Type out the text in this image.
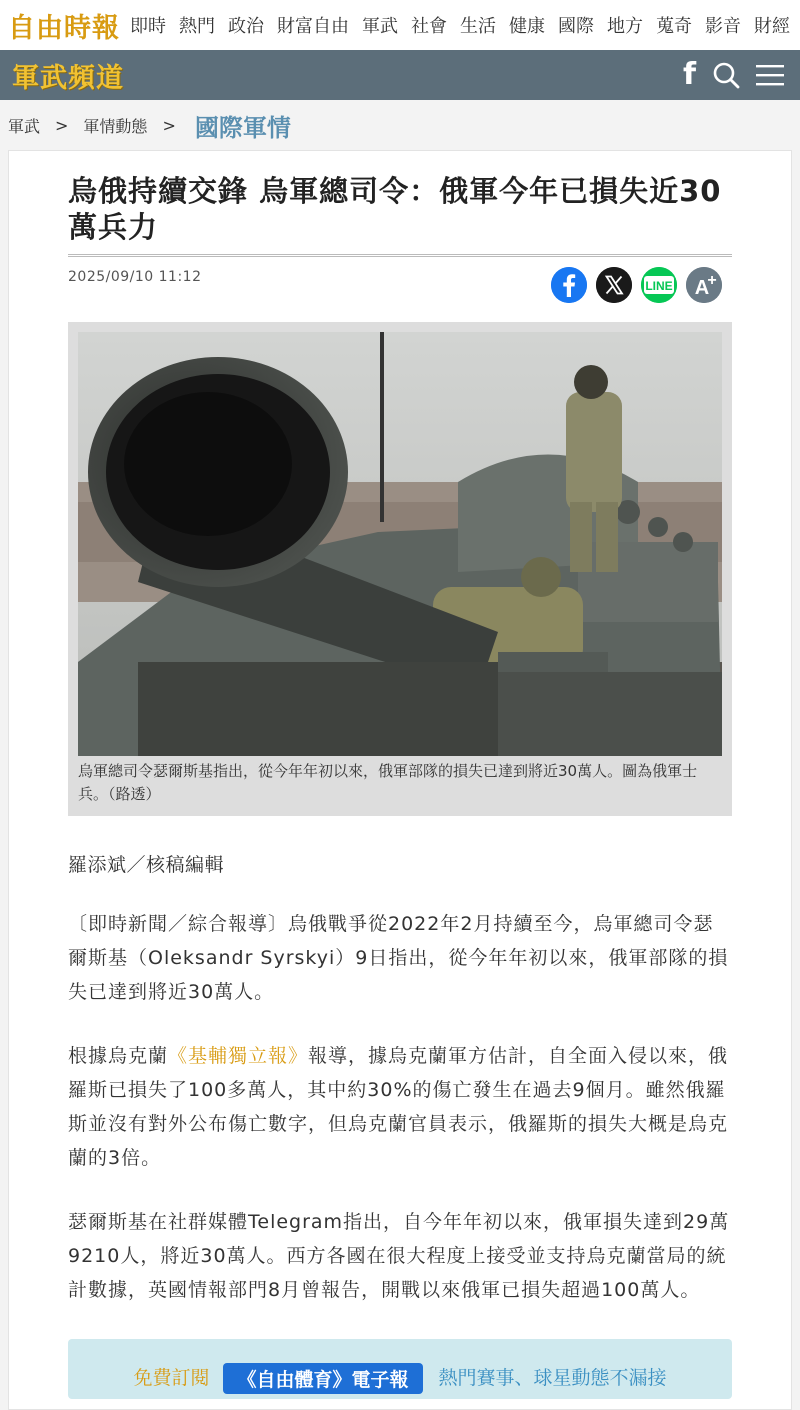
自由時報 即時 熱門 政治 財富自由 軍武 社會 生活 健康 國際 地方 蒐奇 影音 財經
軍武頻道	f
軍武 > 軍情動態 > 國際軍情
烏俄持續交鋒 烏軍總司令：俄軍今年已損失近30萬兵力
2025/09/10 11:12
LINE A
+
烏軍總司令瑟爾斯基指出，從今年年初以來，俄軍部隊的損失已達到將近30萬人。圖為俄軍士兵。（路透）

羅添斌／核稿編輯

〔即時新聞／綜合報導〕烏俄戰爭從2022年2月持續至今，烏軍總司令瑟爾斯基（Oleksandr Syrskyi）9日指出，從今年年初以來，俄軍部隊的損失已達到將近30萬人。

根據烏克蘭《基輔獨立報》報導，據烏克蘭軍方估計，自全面入侵以來，俄羅斯已損失了100多萬人，其中約30%的傷亡發生在過去9個月。雖然俄羅斯並沒有對外公布傷亡數字，但烏克蘭官員表示，俄羅斯的損失大概是烏克蘭的3倍。

瑟爾斯基在社群媒體Telegram指出，自今年年初以來，俄軍損失達到29萬9210人，將近30萬人。西方各國在很大程度上接受並支持烏克蘭當局的統計數據，英國情報部門8月曾報告，開戰以來俄軍已損失超過100萬人。

免費訂閱	《自由體育》電子報	熱門賽事、球星動態不漏接
